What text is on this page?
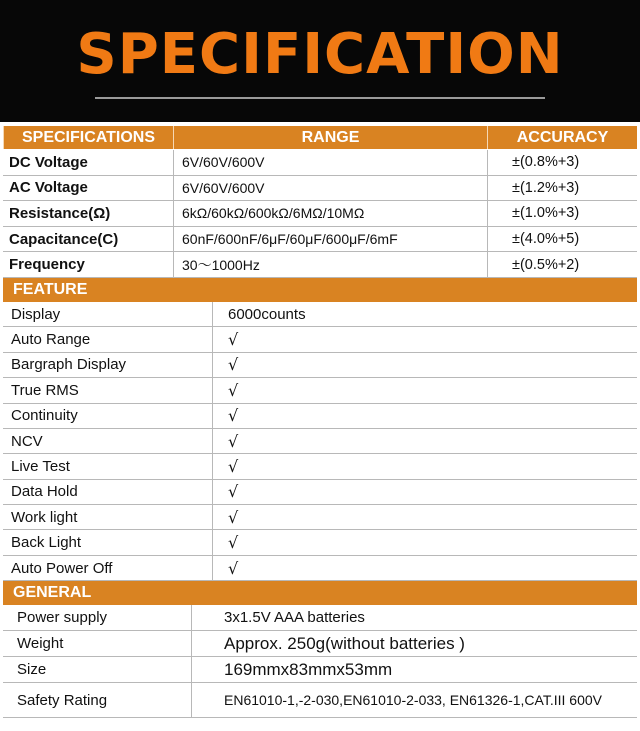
SPECIFICATION
SPECIFICATIONS	RANGE	ACCURACY
DC Voltage	6V/60V/600V	±(0.8%+3)
AC Voltage	6V/60V/600V	±(1.2%+3)
Resistance(Ω)	6kΩ/60kΩ/600kΩ/6MΩ/10MΩ	±(1.0%+3)
Capacitance(C)	60nF/600nF/6μF/60μF/600μF/6mF	±(4.0%+5)
Frequency	30～1000Hz	±(0.5%+2)
FEATURE
Display	6000counts
Auto Range	√
Bargraph Display	√
True RMS	√
Continuity	√
NCV	√
Live Test	√
Data Hold	√
Work light	√
Back Light	√
Auto Power Off	√
GENERAL
Power supply	3x1.5V AAA batteries
Weight	Approx. 250g(without batteries )
Size	169mmx83mmx53mm
Safety Rating	EN61010-1,-2-030,EN61010-2-033, EN61326-1,CAT.III 600V
